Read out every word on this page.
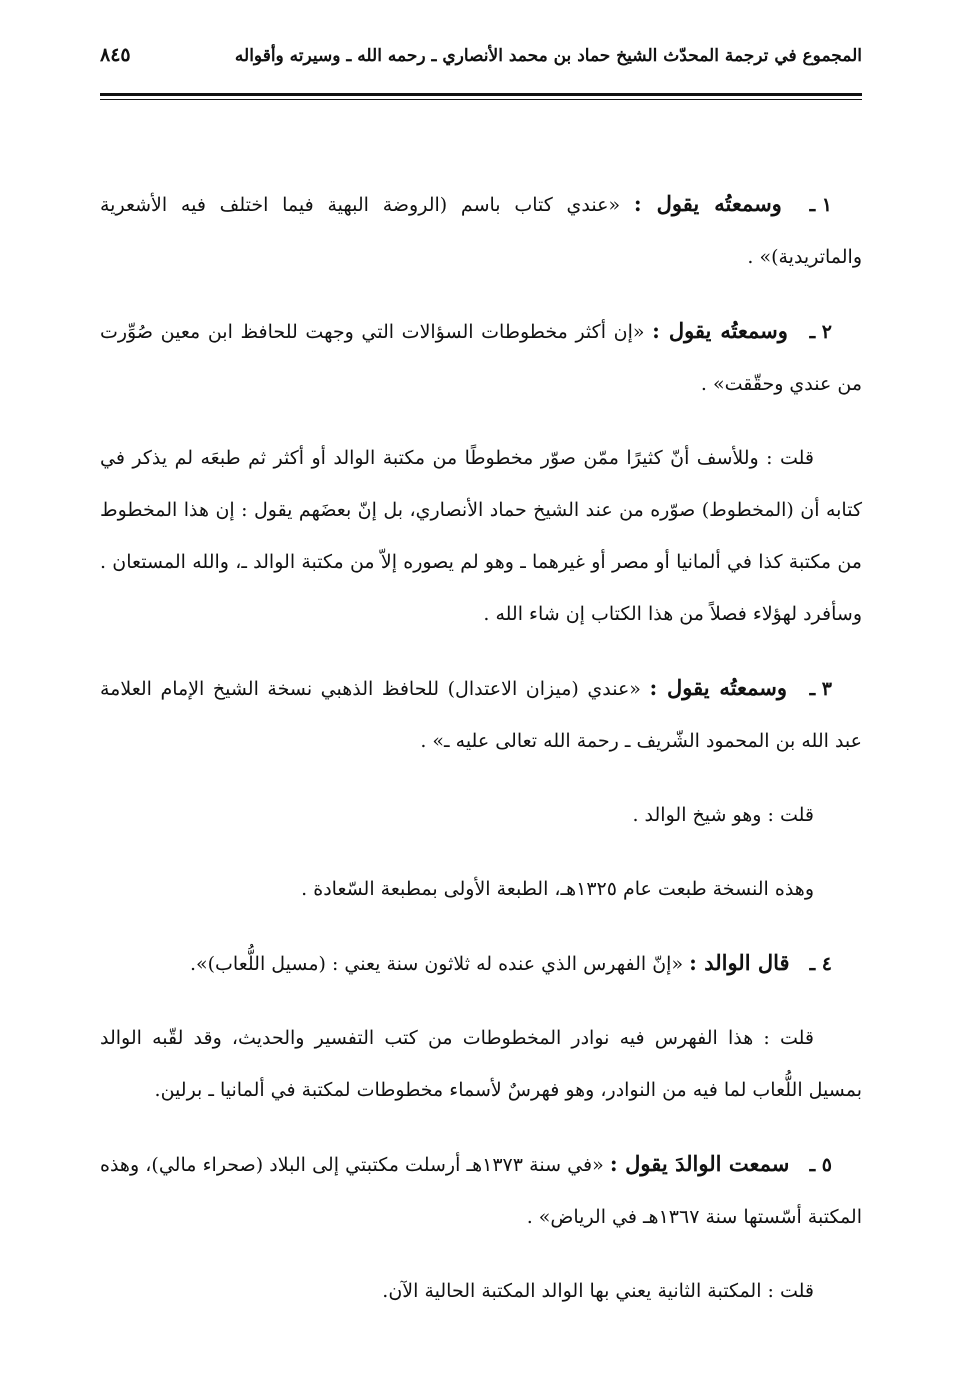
المجموع في ترجمة المحدّث الشيخ حماد بن محمد الأنصاري ـ رحمه الله ـ وسيرته وأقواله
٨٤٥

١ ـ وسمعتُه يقول : «عندي كتاب باسم (الروضة البهية فيما اختلف فيه الأشعرية والماتريدية)» .

٢ ـ وسمعتُه يقول : «إن أكثر مخطوطات السؤالات التي وجهت للحافظ ابن معين صُوِّرت من عندي وحقّقت» .

قلت : وللأسف أنّ كثيرًا ممّن صوّر مخطوطًا من مكتبة الوالد أو أكثر ثم طبعَه لم يذكر في كتابه أن (المخطوط) صوّره من عند الشيخ حماد الأنصاري، بل إنّ بعضَهم يقول : إن هذا المخطوط من مكتبة كذا في ألمانيا أو مصر أو غيرهما ـ وهو لم يصوره إلاّ من مكتبة الوالد ـ، والله المستعان . وسأفرد لهؤلاء فصلاً من هذا الكتاب إن شاء الله .

٣ ـ وسمعتُه يقول : «عندي (ميزان الاعتدال) للحافظ الذهبي نسخة الشيخ الإمام العلامة عبد الله بن المحمود الشّريف ـ رحمة الله تعالى عليه ـ» .

قلت : وهو شيخ الوالد .

وهذه النسخة طبعت عام ١٣٢٥هـ، الطبعة الأولى بمطبعة السّعادة .

٤ ـ قال الوالد : «إنّ الفهرس الذي عنده له ثلاثون سنة يعني : (مسيل اللُّعاب)».

قلت : هذا الفهرس فيه نوادر المخطوطات من كتب التفسير والحديث، وقد لقّبه الوالد بمسيل اللُّعاب لما فيه من النوادر، وهو فهرسٌ لأسماء مخطوطات لمكتبة في ألمانيا ـ برلين.

٥ ـ سمعت الوالدَ يقول : «في سنة ١٣٧٣هـ أرسلت مكتبتي إلى البلاد (صحراء مالي)، وهذه المكتبة أسّستها سنة ١٣٦٧هـ في الرياض» .

قلت : المكتبة الثانية يعني بها الوالد المكتبة الحالية الآن.
